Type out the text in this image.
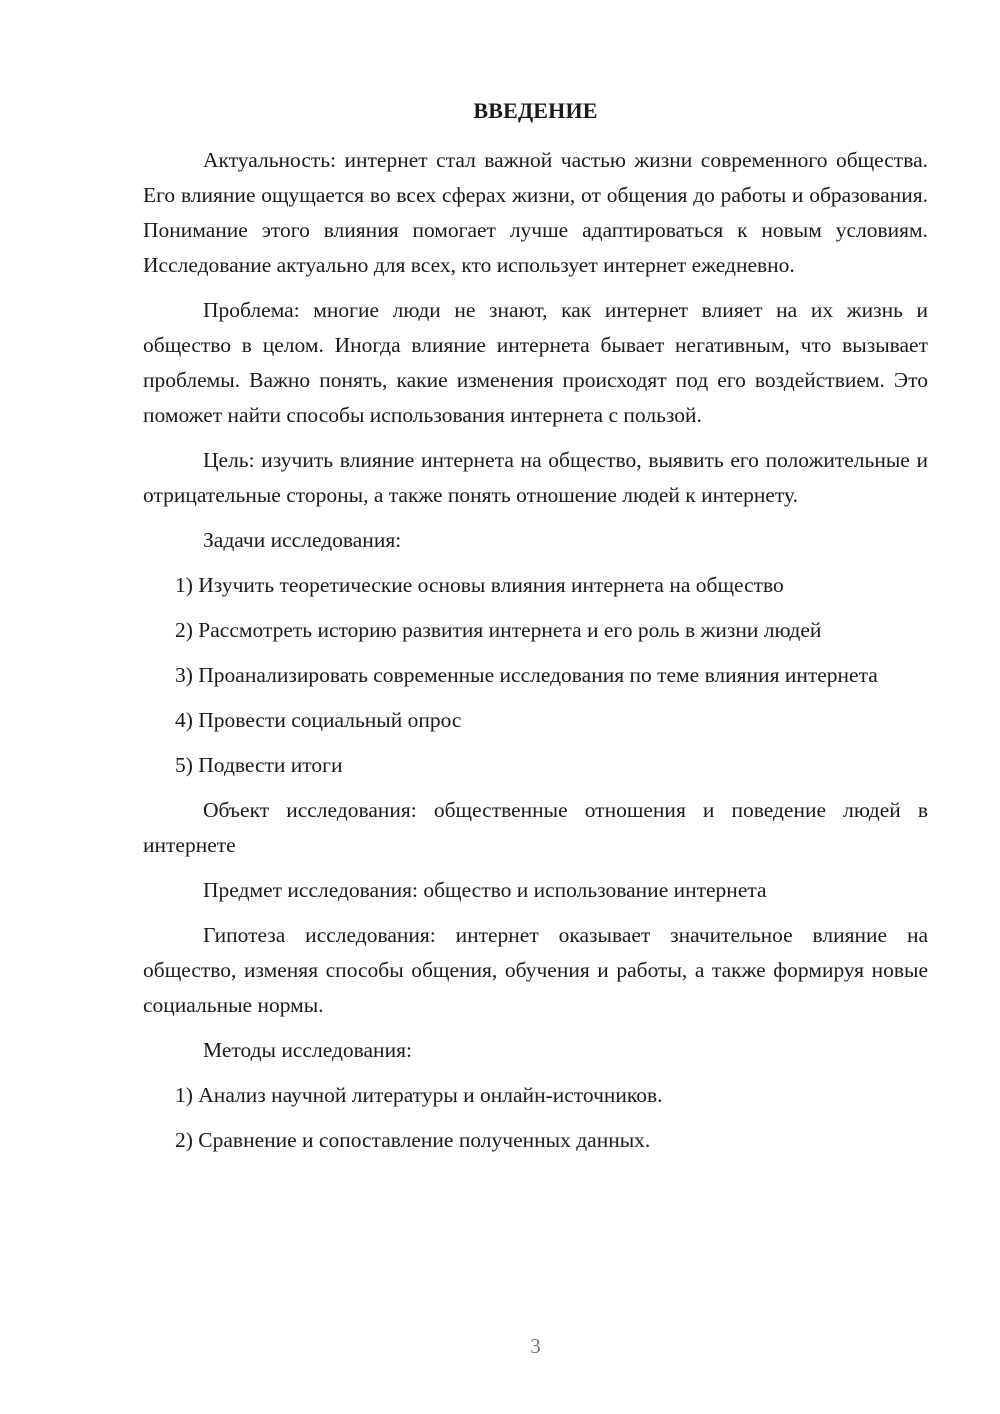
ВВЕДЕНИЕ

Актуальность: интернет стал важной частью жизни современного общества. Его влияние ощущается во всех сферах жизни, от общения до работы и образования. Понимание этого влияния помогает лучше адаптироваться к новым условиям. Исследование актуально для всех, кто использует интернет ежедневно.

Проблема: многие люди не знают, как интернет влияет на их жизнь и общество в целом. Иногда влияние интернета бывает негативным, что вызывает проблемы. Важно понять, какие изменения происходят под его воздействием. Это поможет найти способы использования интернета с пользой.

Цель: изучить влияние интернета на общество, выявить его положительные и отрицательные стороны, а также понять отношение людей к интернету.

Задачи исследования:

1) Изучить теоретические основы влияния интернета на общество

2) Рассмотреть историю развития интернета и его роль в жизни людей

3) Проанализировать современные исследования по теме влияния интернета

4) Провести социальный опрос

5) Подвести итоги

Объект исследования: общественные отношения и поведение людей в интернете

Предмет исследования: общество и использование интернета

Гипотеза исследования: интернет оказывает значительное влияние на общество, изменяя способы общения, обучения и работы, а также формируя новые социальные нормы.

Методы исследования:

1) Анализ научной литературы и онлайн-источников.

2) Сравнение и сопоставление полученных данных.

3
